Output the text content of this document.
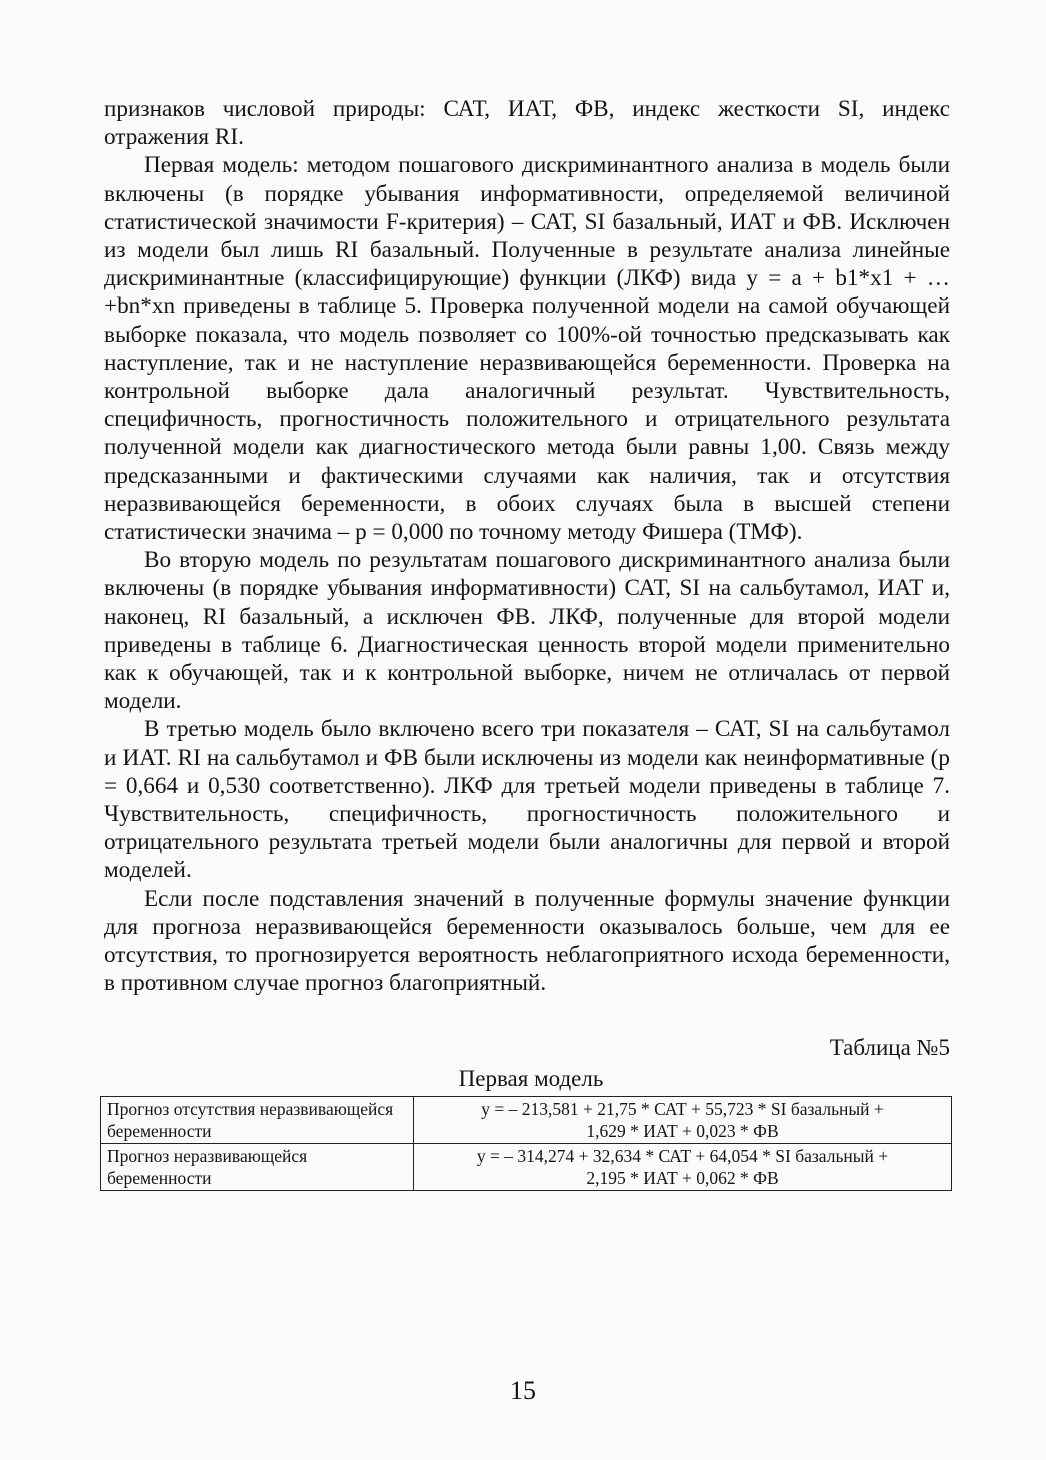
признаков числовой природы: САТ, ИАТ, ФВ, индекс жесткости SI, индекс отражения RI.

Первая модель: методом пошагового дискриминантного анализа в модель были включены (в порядке убывания информативности, определяемой величиной статистической значимости F-критерия) – САТ, SI базальный, ИАТ и ФВ. Исключен из модели был лишь RI базальный. Полученные в результате анализа линейные дискриминантные (классифицирующие) функции (ЛКФ) вида y = a + b1*x1 + … +bn*xn приведены в таблице 5. Проверка полученной модели на самой обучающей выборке показала, что модель позволяет со 100%-ой точностью предсказывать как наступление, так и не наступление неразвивающейся беременности. Проверка на контрольной выборке дала аналогичный результат. Чувствительность, специфичность, прогностичность положительного и отрицательного результата полученной модели как диагностического метода были равны 1,00. Связь между предсказанными и фактическими случаями как наличия, так и отсутствия неразвивающейся беременности, в обоих случаях была в высшей степени статистически значима – p = 0,000 по точному методу Фишера (ТМФ).

Во вторую модель по результатам пошагового дискриминантного анализа были включены (в порядке убывания информативности) САТ, SI на сальбутамол, ИАТ и, наконец, RI базальный, а исключен ФВ. ЛКФ, полученные для второй модели приведены в таблице 6. Диагностическая ценность второй модели применительно как к обучающей, так и к контрольной выборке, ничем не отличалась от первой модели.

В третью модель было включено всего три показателя – САТ, SI на сальбутамол и ИАТ. RI на сальбутамол и ФВ были исключены из модели как неинформативные (p = 0,664 и 0,530 соответственно). ЛКФ для третьей модели приведены в таблице 7. Чувствительность, специфичность, прогностичность положительного и отрицательного результата третьей модели были аналогичны для первой и второй моделей.

Если после подставления значений в полученные формулы значение функции для прогноза неразвивающейся беременности оказывалось больше, чем для ее отсутствия, то прогнозируется вероятность неблагоприятного исхода беременности, в противном случае прогноз благоприятный.

Таблица №5
Первая модель
Прогноз отсутствия неразвивающейся беременности	y = – 213,581 + 21,75 * САТ + 55,723 * SI базальный +
1,629 * ИАТ + 0,023 * ФВ

Прогноз неразвивающейся беременности	y = – 314,274 + 32,634 * САТ + 64,054 * SI базальный +
2,195 * ИАТ + 0,062 * ФВ
15
